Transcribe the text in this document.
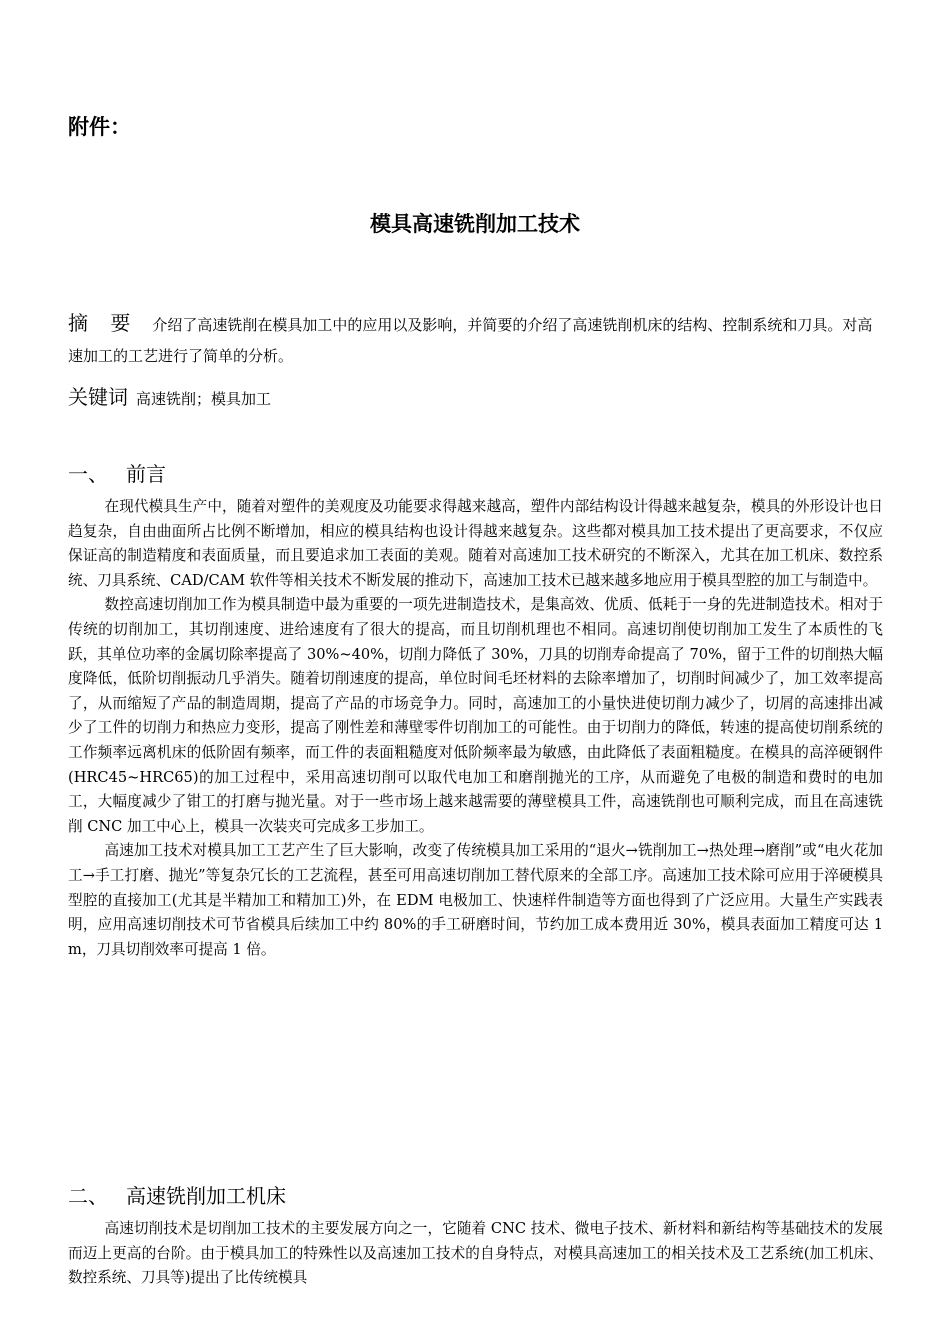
附件：
模具高速铣削加工技术

摘 要 介绍了高速铣削在模具加工中的应用以及影响，并简要的介绍了高速铣削机床的结构、控制系统和刀具。对高速加工的工艺进行了简单的分析。

关键词 高速铣削；模具加工

一、 前言

在现代模具生产中，随着对塑件的美观度及功能要求得越来越高，塑件内部结构设计得越来越复杂，模具的外形设计也日趋复杂，自由曲面所占比例不断增加，相应的模具结构也设计得越来越复杂。这些都对模具加工技术提出了更高要求，不仅应保证高的制造精度和表面质量，而且要追求加工表面的美观。随着对高速加工技术研究的不断深入，尤其在加工机床、数控系统、刀具系统、CAD/CAM 软件等相关技术不断发展的推动下，高速加工技术已越来越多地应用于模具型腔的加工与制造中。

数控高速切削加工作为模具制造中最为重要的一项先进制造技术，是集高效、优质、低耗于一身的先进制造技术。相对于传统的切削加工，其切削速度、进给速度有了很大的提高，而且切削机理也不相同。高速切削使切削加工发生了本质性的飞跃，其单位功率的金属切除率提高了 30%~40%，切削力降低了 30%，刀具的切削寿命提高了 70%，留于工件的切削热大幅度降低，低阶切削振动几乎消失。随着切削速度的提高，单位时间毛坯材料的去除率增加了，切削时间减少了，加工效率提高了，从而缩短了产品的制造周期，提高了产品的市场竞争力。同时，高速加工的小量快进使切削力减少了，切屑的高速排出减少了工件的切削力和热应力变形，提高了刚性差和薄壁零件切削加工的可能性。由于切削力的降低，转速的提高使切削系统的工作频率远离机床的低阶固有频率，而工件的表面粗糙度对低阶频率最为敏感，由此降低了表面粗糙度。在模具的高淬硬钢件(HRC45~HRC65)的加工过程中，采用高速切削可以取代电加工和磨削抛光的工序，从而避免了电极的制造和费时的电加工，大幅度减少了钳工的打磨与抛光量。对于一些市场上越来越需要的薄壁模具工件，高速铣削也可顺利完成，而且在高速铣削 CNC 加工中心上，模具一次装夹可完成多工步加工。

高速加工技术对模具加工工艺产生了巨大影响，改变了传统模具加工采用的“退火→铣削加工→热处理→磨削”或“电火花加工→手工打磨、抛光”等复杂冗长的工艺流程，甚至可用高速切削加工替代原来的全部工序。高速加工技术除可应用于淬硬模具型腔的直接加工(尤其是半精加工和精加工)外，在 EDM 电极加工、快速样件制造等方面也得到了广泛应用。大量生产实践表明，应用高速切削技术可节省模具后续加工中约 80%的手工研磨时间，节约加工成本费用近 30%，模具表面加工精度可达 1 m，刀具切削效率可提高 1 倍。

二、 高速铣削加工机床

高速切削技术是切削加工技术的主要发展方向之一，它随着 CNC 技术、微电子技术、新材料和新结构等基础技术的发展而迈上更高的台阶。由于模具加工的特殊性以及高速加工技术的自身特点，对模具高速加工的相关技术及工艺系统(加工机床、数控系统、刀具等)提出了比传统模具
